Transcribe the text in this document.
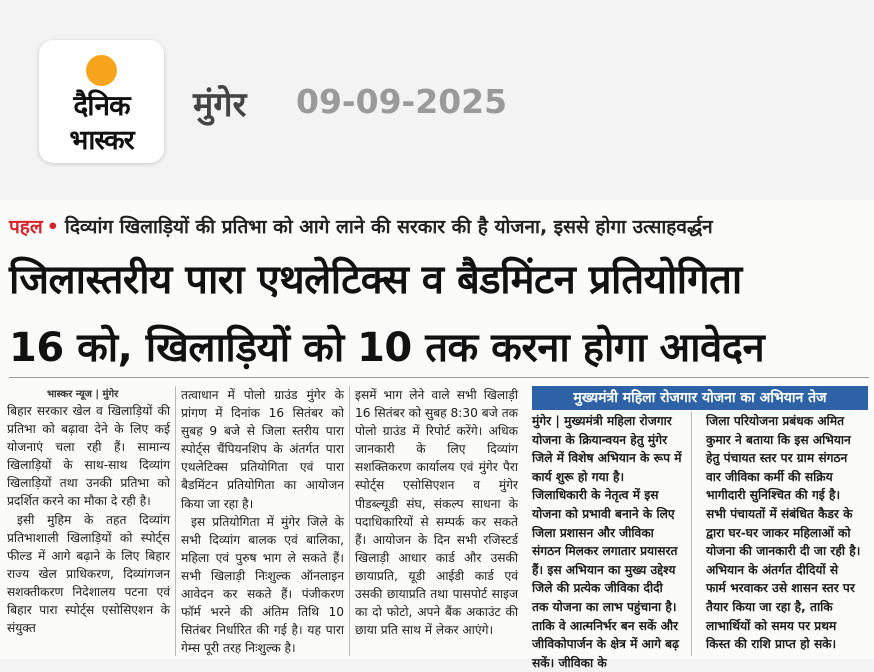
दैनिक
भास्कर
मुंगेर 09-09-2025
पहल • दिव्यांग खिलाड़ियों की प्रतिभा को आगे लाने की सरकार की है योजना, इससे होगा उत्साहवर्द्धन
जिलास्तरीय पारा एथलेटिक्स व बैडमिंटन प्रतियोगिता
16 को, खिलाड़ियों को 10 तक करना होगा आवेदन
भास्कर न्यूज | मुंगेर

बिहार सरकार खेल व खिलाड़ियों की प्रतिभा को बढ़ावा देने के लिए कई योजनाएं चला रही हैं। सामान्य खिलाड़ियों के साथ-साथ दिव्यांग खिलाड़ियों तथा उनकी प्रतिभा को प्रदर्शित करने का मौका दे रही है।

इसी मुहिम के तहत दिव्यांग प्रतिभाशाली खिलाड़ियों को स्पोर्ट्स फील्ड में आगे बढ़ाने के लिए बिहार राज्य खेल प्राधिकरण, दिव्यांगजन सशक्तीकरण निदेशालय पटना एवं बिहार पारा स्पोर्ट्स एसोसिएशन के संयुक्त

तत्वाधान में पोलो ग्राउंड मुंगेर के प्रांगण में दिनांक 16 सितंबर को सुबह 9 बजे से जिला स्तरीय पारा स्पोर्ट्स चैंपियनशिप के अंतर्गत पारा एथलेटिक्स प्रतियोगिता एवं पारा बैडमिंटन प्रतियोगिता का आयोजन किया जा रहा है।

इस प्रतियोगिता में मुंगेर जिले के सभी दिव्यांग बालक एवं बालिका, महिला एवं पुरुष भाग ले सकते हैं। सभी खिलाड़ी निःशुल्क ऑनलाइन आवेदन कर सकते हैं। पंजीकरण फॉर्म भरने की अंतिम तिथि 10 सितंबर निर्धारित की गई है। यह पारा गेम्स पूरी तरह निःशुल्क है।

इसमें भाग लेने वाले सभी खिलाड़ी 16 सितंबर को सुबह 8:30 बजे तक पोलो ग्राउंड में रिपोर्ट करेंगे। अधिक जानकारी के लिए दिव्यांग सशक्तिकरण कार्यालय एवं मुंगेर पैरा स्पोर्ट्स एसोसिएशन व मुंगेर पीडब्ल्यूडी संघ, संकल्प साधना के पदाधिकारियों से सम्पर्क कर सकते हैं। आयोजन के दिन सभी रजिस्टर्ड खिलाड़ी आधार कार्ड और उसकी छायाप्रति, यूडी आईडी कार्ड एवं उसकी छायाप्रति तथा पासपोर्ट साइज का दो फोटो, अपने बैंक अकाउंट की छाया प्रति साथ में लेकर आएंगे।

मुख्यमंत्री महिला रोजगार योजना का अभियान तेज

मुंगेर | मुख्यमंत्री महिला रोजगार योजना के क्रियान्वयन हेतु मुंगेर जिले में विशेष अभियान के रूप में कार्य शुरू हो गया है। जिलाधिकारी के नेतृत्व में इस योजना को प्रभावी बनाने के लिए जिला प्रशासन और जीविका संगठन मिलकर लगातार प्रयासरत हैं। इस अभियान का मुख्य उद्देश्य जिले की प्रत्येक जीविका दीदी तक योजना का लाभ पहुंचाना है। ताकि वे आत्मनिर्भर बन सकें और जीविकोपार्जन के क्षेत्र में आगे बढ़ सकें। जीविका के

जिला परियोजना प्रबंधक अमित कुमार ने बताया कि इस अभियान हेतु पंचायत स्तर पर ग्राम संगठन वार जीविका कर्मी की सक्रिय भागीदारी सुनिश्चित की गई है। सभी पंचायतों में संबंधित कैडर के द्वारा घर-घर जाकर महिलाओं को योजना की जानकारी दी जा रही है। अभियान के अंतर्गत दीदियों से फार्म भरवाकर उसे शासन स्तर पर तैयार किया जा रहा है, ताकि लाभार्थियों को समय पर प्रथम किस्त की राशि प्राप्त हो सके।
